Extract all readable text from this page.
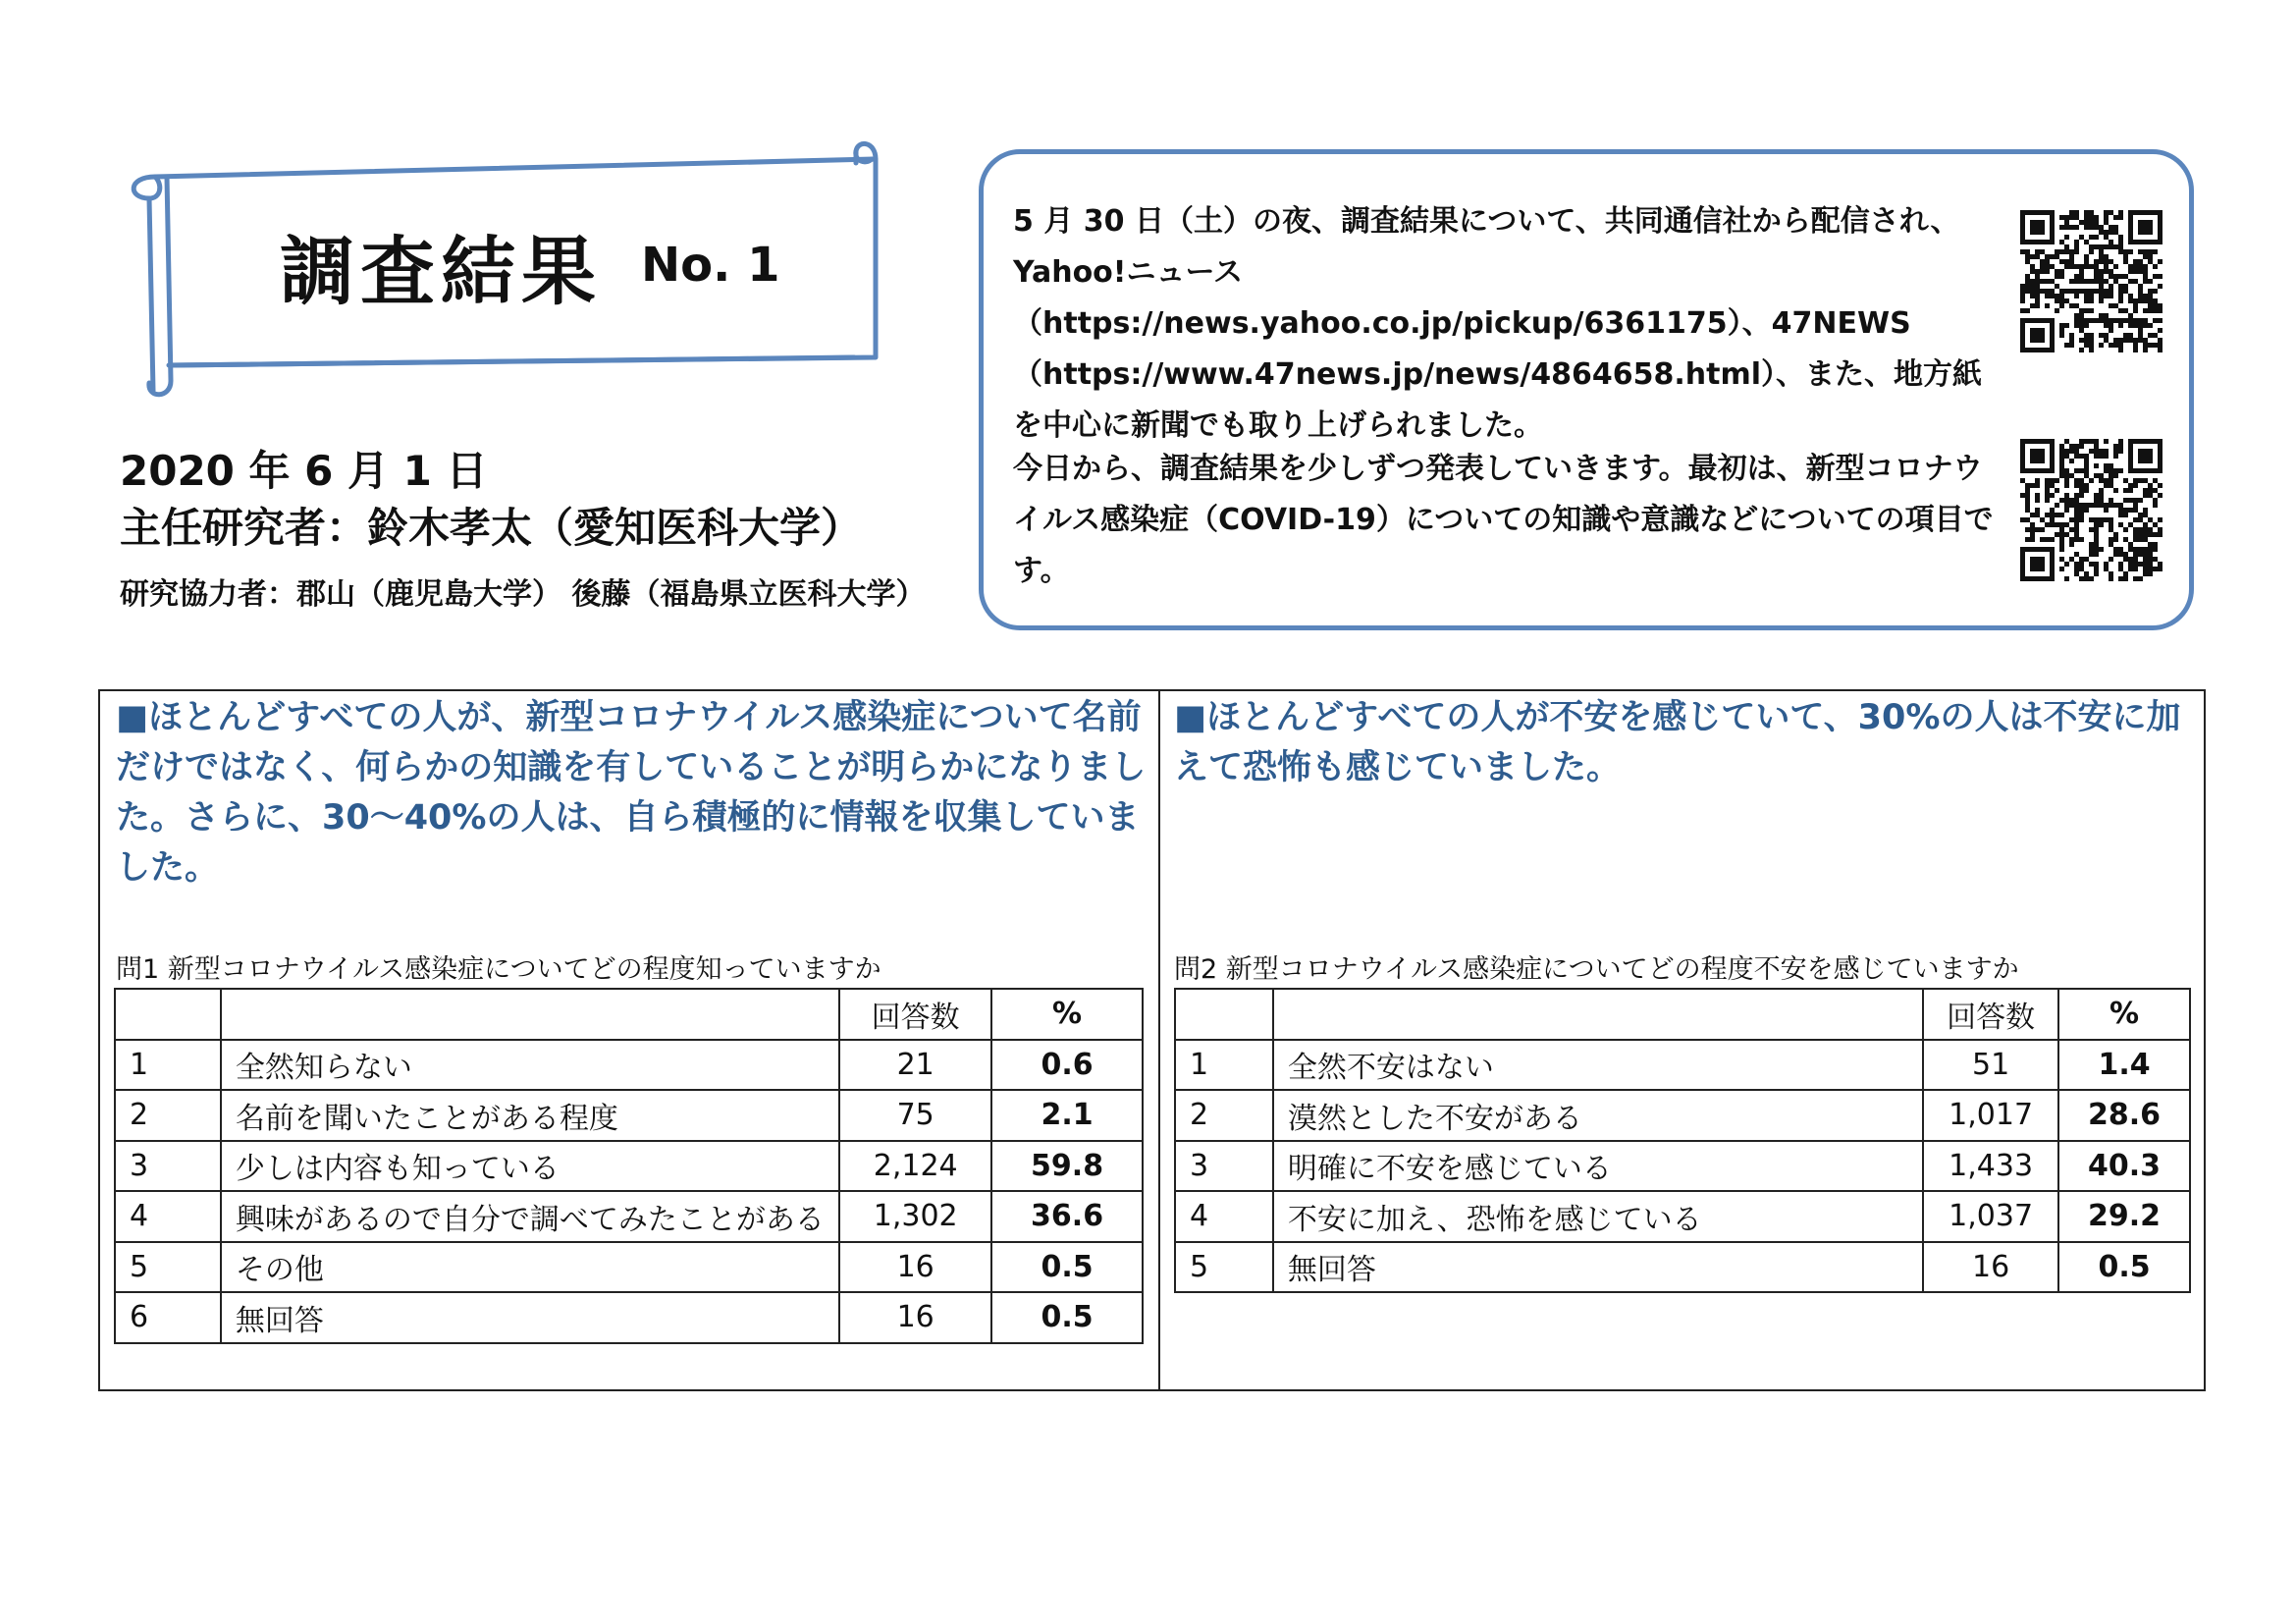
調査結果 No. 1
2020 年 6 月 1 日
主任研究者：鈴木孝太（愛知医科大学）
研究協力者：郡山（鹿児島大学） 後藤（福島県立医科大学）

5 月 30 日（土）の夜、調査結果について、共同通信社から配信され、Yahoo!ニュース（https://news.yahoo.co.jp/pickup/6361175）、47NEWS（https://www.47news.jp/news/4864658.html）、また、地方紙を中心に新聞でも取り上げられました。

今日から、調査結果を少しずつ発表していきます。最初は、新型コロナウイルス感染症（COVID-19）についての知識や意識などについての項目です。

■ほとんどすべての人が、新型コロナウイルス感染症について名前だけではなく、何らかの知識を有していることが明らかになりました。さらに、30～40%の人は、自ら積極的に情報を収集していました。

■ほとんどすべての人が不安を感じていて、30%の人は不安に加えて恐怖も感じていました。

問1 新型コロナウイルス感染症についてどの程度知っていますか	問2 新型コロナウイルス感染症についてどの程度不安を感じていますか
		回答数	%
1	全然知らない	21	0.6
2	名前を聞いたことがある程度	75	2.1
3	少しは内容も知っている	2,124	59.8
4	興味があるので自分で調べてみたことがある	1,302	36.6
5	その他	16	0.5
6	無回答	16	0.5
		回答数	%
1	全然不安はない	51	1.4
2	漠然とした不安がある	1,017	28.6
3	明確に不安を感じている	1,433	40.3
4	不安に加え、恐怖を感じている	1,037	29.2
5	無回答	16	0.5
